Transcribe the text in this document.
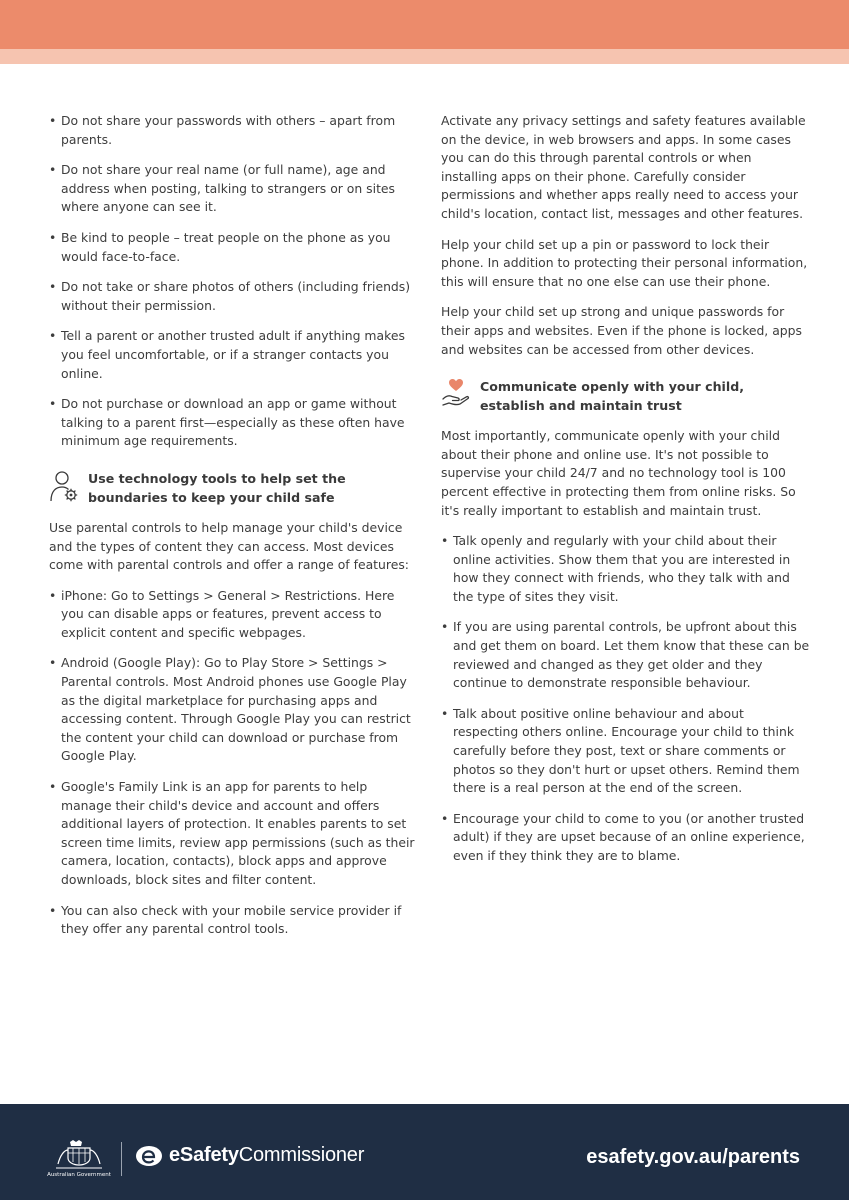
• Do not share your passwords with others – apart from parents.
• Do not share your real name (or full name), age and address when posting, talking to strangers or on sites where anyone can see it.
• Be kind to people – treat people on the phone as you would face-to-face.
• Do not take or share photos of others (including friends) without their permission.
• Tell a parent or another trusted adult if anything makes you feel uncomfortable, or if a stranger contacts you online.
• Do not purchase or download an app or game without talking to a parent first—especially as these often have minimum age requirements.
Use technology tools to help set the boundaries to keep your child safe

Use parental controls to help manage your child's device and the types of content they can access. Most devices come with parental controls and offer a range of features:

• iPhone: Go to Settings > General > Restrictions. Here you can disable apps or features, prevent access to explicit content and specific webpages.
• Android (Google Play): Go to Play Store > Settings > Parental controls. Most Android phones use Google Play as the digital marketplace for purchasing apps and accessing content. Through Google Play you can restrict the content your child can download or purchase from Google Play.
• Google's Family Link is an app for parents to help manage their child's device and account and offers additional layers of protection. It enables parents to set screen time limits, review app permissions (such as their camera, location, contacts), block apps and approve downloads, block sites and filter content.
• You can also check with your mobile service provider if they offer any parental control tools.

Activate any privacy settings and safety features available on the device, in web browsers and apps. In some cases you can do this through parental controls or when installing apps on their phone. Carefully consider permissions and whether apps really need to access your child's location, contact list, messages and other features.

Help your child set up a pin or password to lock their phone. In addition to protecting their personal information, this will ensure that no one else can use their phone.

Help your child set up strong and unique passwords for their apps and websites. Even if the phone is locked, apps and websites can be accessed from other devices.

Communicate openly with your child, establish and maintain trust

Most importantly, communicate openly with your child about their phone and online use. It's not possible to supervise your child 24/7 and no technology tool is 100 percent effective in protecting them from online risks. So it's really important to establish and maintain trust.

• Talk openly and regularly with your child about their online activities. Show them that you are interested in how they connect with friends, who they talk with and the type of sites they visit.
• If you are using parental controls, be upfront about this and get them on board. Let them know that these can be reviewed and changed as they get older and they continue to demonstrate responsible behaviour.
• Talk about positive online behaviour and about respecting others online. Encourage your child to think carefully before they post, text or share comments or photos so they don't hurt or upset others. Remind them there is a real person at the end of the screen.
• Encourage your child to come to you (or another trusted adult) if they are upset because of an online experience, even if they think they are to blame.
Australian Government
eSafetyCommissioner	esafety.gov.au/parents
